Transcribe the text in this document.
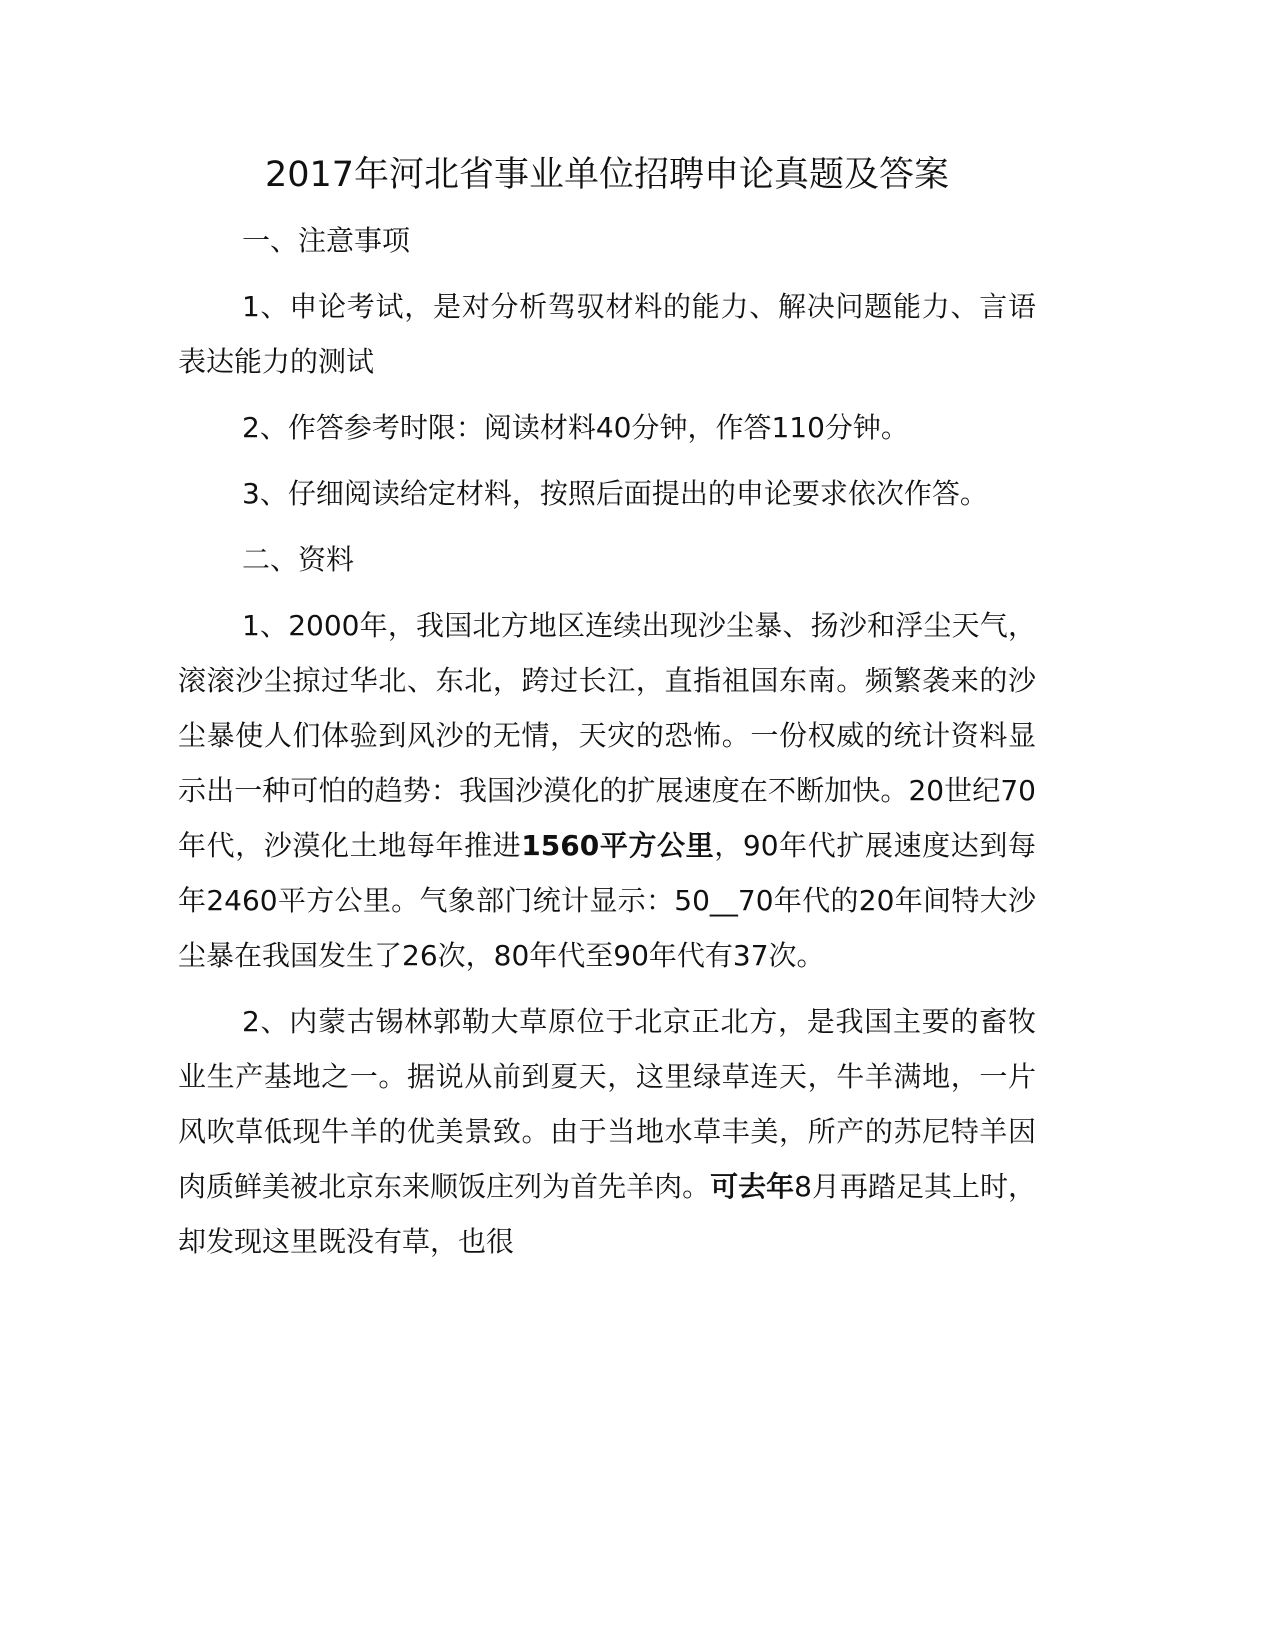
2017年河北省事业单位招聘申论真题及答案

一、注意事项

1、申论考试，是对分析驾驭材料的能力、解决问题能力、言语表达能力的测试

2、作答参考时限：阅读材料40分钟，作答110分钟。

3、仔细阅读给定材料，按照后面提出的申论要求依次作答。

二、资料

1、2000年，我国北方地区连续出现沙尘暴、扬沙和浮尘天气，滚滚沙尘掠过华北、东北，跨过长江，直指祖国东南。频繁袭来的沙尘暴使人们体验到风沙的无情，天灾的恐怖。一份权威的统计资料显示出一种可怕的趋势：我国沙漠化的扩展速度在不断加快。20世纪70年代，沙漠化土地每年推进1560平方公里，90年代扩展速度达到每年2460平方公里。气象部门统计显示：50__70年代的20年间特大沙尘暴在我国发生了26次，80年代至90年代有37次。

2、内蒙古锡林郭勒大草原位于北京正北方，是我国主要的畜牧业生产基地之一。据说从前到夏天，这里绿草连天，牛羊满地，一片风吹草低现牛羊的优美景致。由于当地水草丰美，所产的苏尼特羊因肉质鲜美被北京东来顺饭庄列为首先羊肉。可去年8月再踏足其上时，却发现这里既没有草，也很
